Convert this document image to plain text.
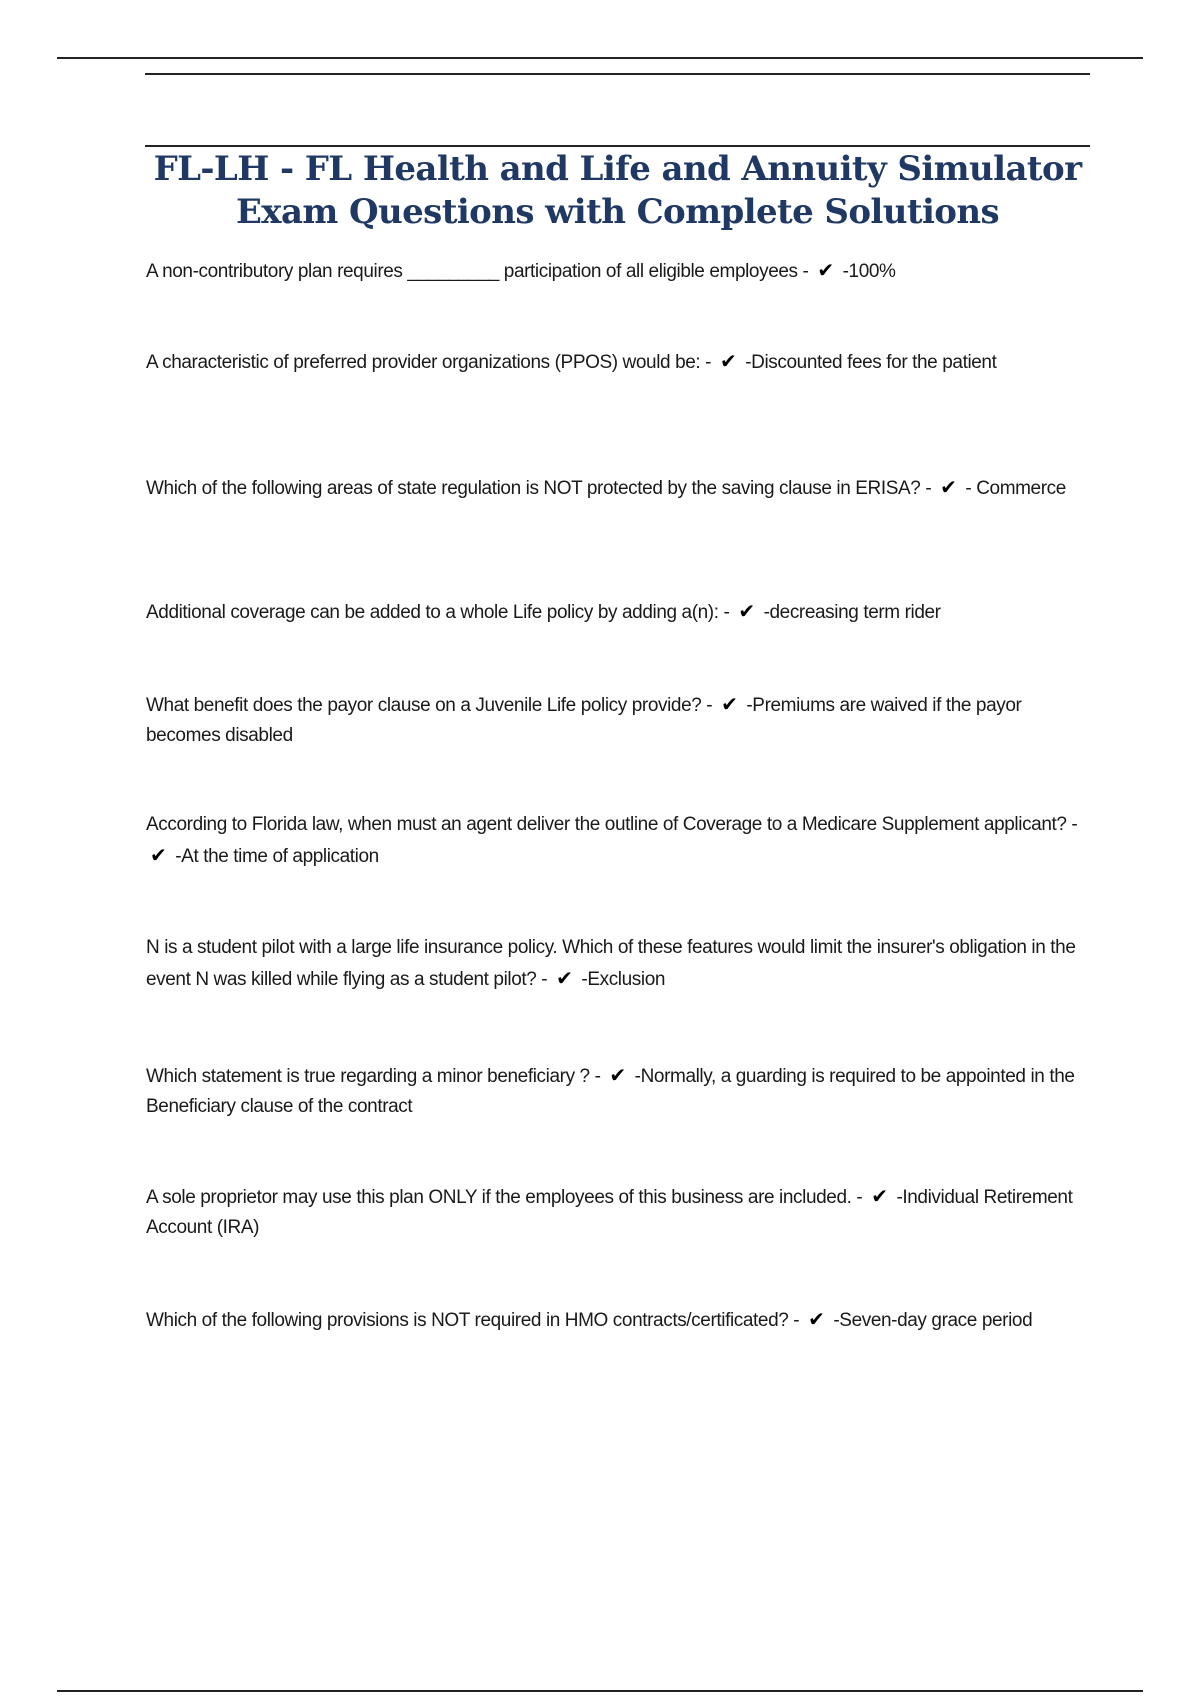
FL-LH - FL Health and Life and Annuity Simulator
Exam Questions with Complete Solutions

A non-contributory plan requires _________ participation of all eligible employees - ✔ -100%

A characteristic of preferred provider organizations (PPOS) would be: - ✔ -Discounted fees for the patient

Which of the following areas of state regulation is NOT protected by the saving clause in ERISA? - ✔ - Commerce

Additional coverage can be added to a whole Life policy by adding a(n): - ✔ -decreasing term rider

What benefit does the payor clause on a Juvenile Life policy provide? - ✔ -Premiums are waived if the payor becomes disabled

According to Florida law, when must an agent deliver the outline of Coverage to a Medicare Supplement applicant? - ✔ -At the time of application

N is a student pilot with a large life insurance policy. Which of these features would limit the insurer's obligation in the event N was killed while flying as a student pilot? - ✔ -Exclusion

Which statement is true regarding a minor beneficiary ? - ✔ -Normally, a guarding is required to be appointed in the Beneficiary clause of the contract

A sole proprietor may use this plan ONLY if the employees of this business are included. - ✔ -Individual Retirement Account (IRA)

Which of the following provisions is NOT required in HMO contracts/certificated? - ✔ -Seven-day grace period
